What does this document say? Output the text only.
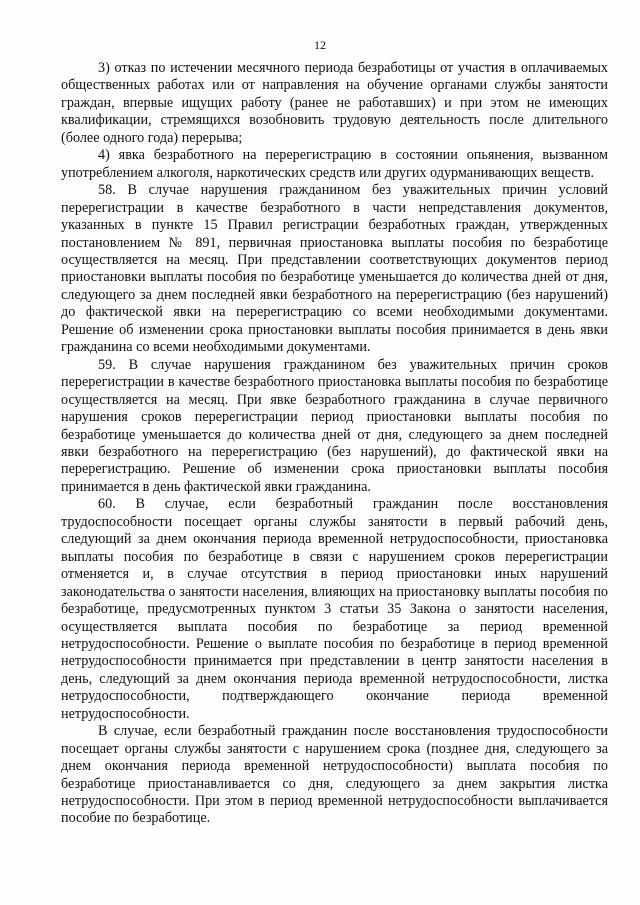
12

3) отказ по истечении месячного периода безработицы от участия в оплачиваемых общественных работах или от направления на обучение органами службы занятости граждан, впервые ищущих работу (ранее не работавших) и при этом не имеющих квалификации, стремящихся возобновить трудовую деятельность после длительного (более одного года) перерыва;

4) явка безработного на перерегистрацию в состоянии опьянения, вызванном употреблением алкоголя, наркотических средств или других одурманивающих веществ.

58. В случае нарушения гражданином без уважительных причин условий перерегистрации в качестве безработного в части непредставления документов, указанных в пункте 15 Правил регистрации безработных граждан, утвержденных постановлением № 891, первичная приостановка выплаты пособия по безработице осуществляется на месяц. При представлении соответствующих документов период приостановки выплаты пособия по безработице уменьшается до количества дней от дня, следующего за днем последней явки безработного на перерегистрацию (без нарушений) до фактической явки на перерегистрацию со всеми необходимыми документами. Решение об изменении срока приостановки выплаты пособия принимается в день явки гражданина со всеми необходимыми документами.

59. В случае нарушения гражданином без уважительных причин сроков перерегистрации в качестве безработного приостановка выплаты пособия по безработице осуществляется на месяц. При явке безработного гражданина в случае первичного нарушения сроков перерегистрации период приостановки выплаты пособия по безработице уменьшается до количества дней от дня, следующего за днем последней явки безработного на перерегистрацию (без нарушений), до фактической явки на перерегистрацию. Решение об изменении срока приостановки выплаты пособия принимается в день фактической явки гражданина.

60. В случае, если безработный гражданин после восстановления трудоспособности посещает органы службы занятости в первый рабочий день, следующий за днем окончания периода временной нетрудоспособности, приостановка выплаты пособия по безработице в связи с нарушением сроков перерегистрации отменяется и, в случае отсутствия в период приостановки иных нарушений законодательства о занятости населения, влияющих на приостановку выплаты пособия по безработице, предусмотренных пунктом 3 статьи 35 Закона о занятости населения, осуществляется выплата пособия по безработице за период временной нетрудоспособности. Решение о выплате пособия по безработице в период временной нетрудоспособности принимается при представлении в центр занятости населения в день, следующий за днем окончания периода временной нетрудоспособности, листка нетрудоспособности, подтверждающего окончание периода временной нетрудоспособности.

В случае, если безработный гражданин после восстановления трудоспособности посещает органы службы занятости с нарушением срока (позднее дня, следующего за днем окончания периода временной нетрудоспособности) выплата пособия по безработице приостанавливается со дня, следующего за днем закрытия листка нетрудоспособности. При этом в период временной нетрудоспособности выплачивается пособие по безработице.
